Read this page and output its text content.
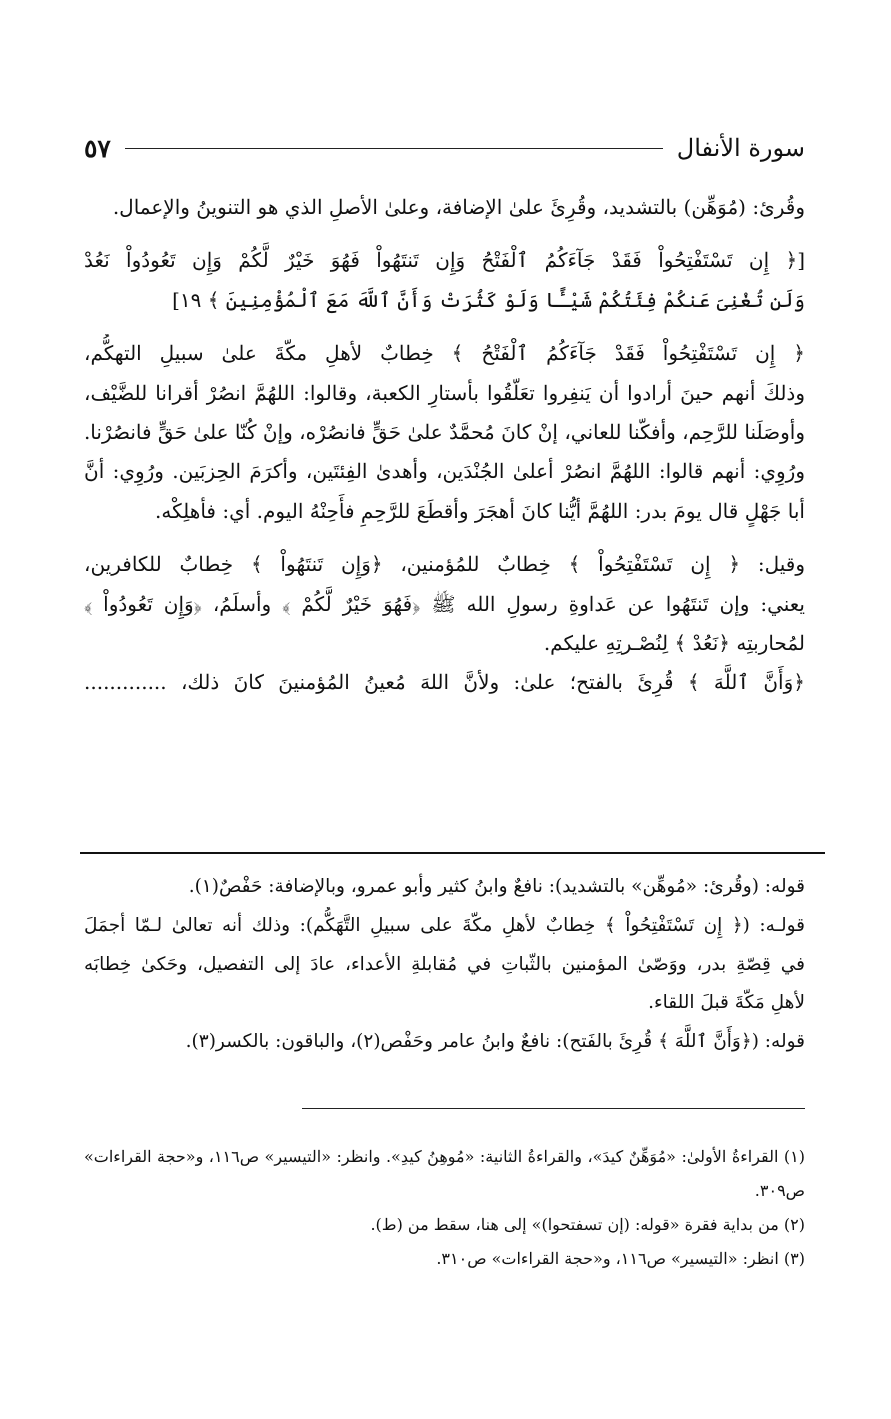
سورة الأنفال
٥٧
وقُرئ: (مُوَهِّن) بالتشديد، وقُرِئَ علىٰ الإضافة، وعلىٰ الأصلِ الذي هو التنوينُ والإعمال.
[﴿ إِن تَسْتَفْتِحُواْ فَقَدْ جَآءَكُمُ ٱلْفَتْحُ وَإِن تَنتَهُواْ فَهُوَ خَيْرٌ لَّكُمْ وَإِن تَعُودُواْ نَعُدْ
وَلَن تُغْنِىَ عَنكُمْ فِئَتُكُمْ شَيْـًٔا وَلَوْ كَثُرَتْ وَأَنَّ ٱللَّهَ مَعَ ٱلْمُؤْمِنِينَ ﴾ ١٩]
﴿ إِن تَسْتَفْتِحُواْ فَقَدْ جَآءَكُمُ ٱلْفَتْحُ ﴾ خِطابٌ لأهلِ مكّةَ علىٰ سبيلِ التهكُّم،
وذلكَ أنهم حينَ أرادوا أن يَنفِروا تعَلّقُوا بأستارِ الكعبة، وقالوا: اللهُمَّ انصُرْ أقرانا للضَّيْف،
وأوصَلَنا للرَّحِم، وأفكّنا للعاني، إنْ كانَ مُحمَّدٌ علىٰ حَقٍّ فانصُرْه، وإنْ كُنّا علىٰ حَقٍّ فانصُرْنا.
ورُوِي: أنهم قالوا: اللهُمَّ انصُرْ أعلىٰ الجُنْدَين، وأهدىٰ الفِئتَين، وأكرَمَ الحِزبَين. ورُوِي: أنَّ
أبا جَهْلٍ قال يومَ بدر: اللهُمَّ أيُّنا كانَ أهجَرَ وأقطَعَ للرَّحِمِ فأَحِنْهُ اليوم. أي: فأهلِكْه.
وقيل: ﴿ إِن تَسْتَفْتِحُواْ ﴾ خِطابٌ للمُؤمنين، ﴿وَإِن تَنتَهُواْ ﴾ خِطابٌ للكافرين،
يعني: وإن تَنتَهُوا عن عَداوةِ رسولِ الله ﷺ ﴿فَهُوَ خَيْرٌ لَّكُمْ ﴾ وأسلَمُ، ﴿وَإِن تَعُودُواْ ﴾
لمُحاربتِه ﴿نَعُدْ ﴾ لِنُصْـرتِهِ عليكم.
﴿وَأَنَّ ٱللَّهَ ﴾ قُرِئَ بالفتح؛ علىٰ: ولأنَّ اللهَ مُعينُ المُؤمنينَ كانَ ذلك، .............
قوله: (وقُرئ: «مُوهِّن» بالتشديد): نافعٌ وابنُ كثير وأبو عمرو، وبالإضافة: حَفْصٌ(١).
قولـه: (﴿ إِن تَسْتَفْتِحُواْ ﴾ خِطابٌ لأهلِ مكّةَ على سبيلِ التَّهَكُّم): وذلك أنه تعالىٰ لـمّا أجمَلَ
في قِصّةِ بدر، ووَصّىٰ المؤمنين بالثّباتِ في مُقابلةِ الأعداء، عادَ إلى التفصيل، وحَكىٰ خِطابَه
لأهلِ مَكّةَ قبلَ اللقاء.
قوله: (﴿وَأَنَّ ٱللَّهَ ﴾ قُرِئَ بالفَتح): نافعٌ وابنُ عامر وحَفْص(٢)، والباقون: بالكسر(٣).
(١) القراءةُ الأولىٰ: «مُوَهِّنٌ كيدَ»، والقراءةُ الثانية: «مُوهِنُ كيدِ». وانظر: «التيسير» ص١١٦، و«حجة القراءات»
ص٣٠٩.
(٢) من بداية فقرة «قوله: (إن تسفتحوا)» إلى هنا، سقط من (ط).
(٣) انظر: «التيسير» ص١١٦، و«حجة القراءات» ص٣١٠.
